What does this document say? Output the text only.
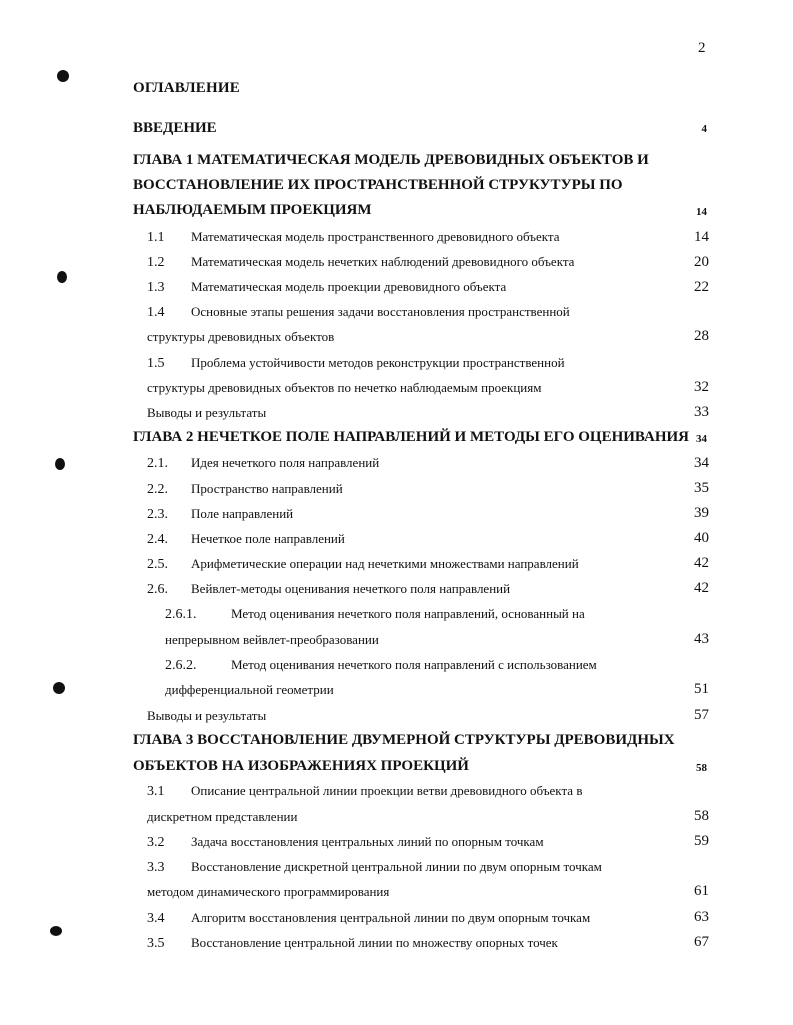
2
ОГЛАВЛЕНИЕ
ВВЕДЕНИЕ	4
ГЛАВА 1 МАТЕМАТИЧЕСКАЯ МОДЕЛЬ ДРЕВОВИДНЫХ ОБЪЕКТОВ И
ВОССТАНОВЛЕНИЕ ИХ ПРОСТРАНСТВЕННОЙ СТРУКУТУРЫ ПО
НАБЛЮДАЕМЫМ ПРОЕКЦИЯМ	14
1.1 Математическая модель пространственного древовидного объекта	14
1.2 Математическая модель нечетких наблюдений древовидного объекта	20
1.3 Математическая модель проекции древовидного объекта	22
1.4 Основные этапы решения задачи восстановления пространственной
структуры древовидных объектов	28
1.5 Проблема устойчивости методов реконструкции пространственной
структуры древовидных объектов по нечетко наблюдаемым проекциям	32
Выводы и результаты	33
ГЛАВА 2 НЕЧЕТКОЕ ПОЛЕ НАПРАВЛЕНИЙ И МЕТОДЫ ЕГО ОЦЕНИВАНИЯ 34
2.1. Идея нечеткого поля направлений	34
2.2. Пространство направлений	35
2.3. Поле направлений	39
2.4. Нечеткое поле направлений	40
2.5. Арифметические операции над нечеткими множествами направлений	42
2.6. Вейвлет-методы оценивания нечеткого поля направлений	42
2.6.1.	Метод оценивания нечеткого поля направлений, основанный на
непрерывном вейвлет-преобразовании	43
2.6.2.	Метод оценивания нечеткого поля направлений с использованием
дифференциальной геометрии	51
Выводы и результаты	57
ГЛАВА 3 ВОССТАНОВЛЕНИЕ ДВУМЕРНОЙ СТРУКТУРЫ ДРЕВОВИДНЫХ
ОБЪЕКТОВ НА ИЗОБРАЖЕНИЯХ ПРОЕКЦИЙ	58
3.1 Описание центральной линии проекции ветви древовидного объекта в
дискретном представлении	58
3.2 Задача восстановления центральных линий по опорным точкам	59
3.3 Восстановление дискретной центральной линии по двум опорным точкам
методом динамического программирования	61
3.4 Алгоритм восстановления центральной линии по двум опорным точкам	63
3.5 Восстановление центральной линии по множеству опорных точек	67
